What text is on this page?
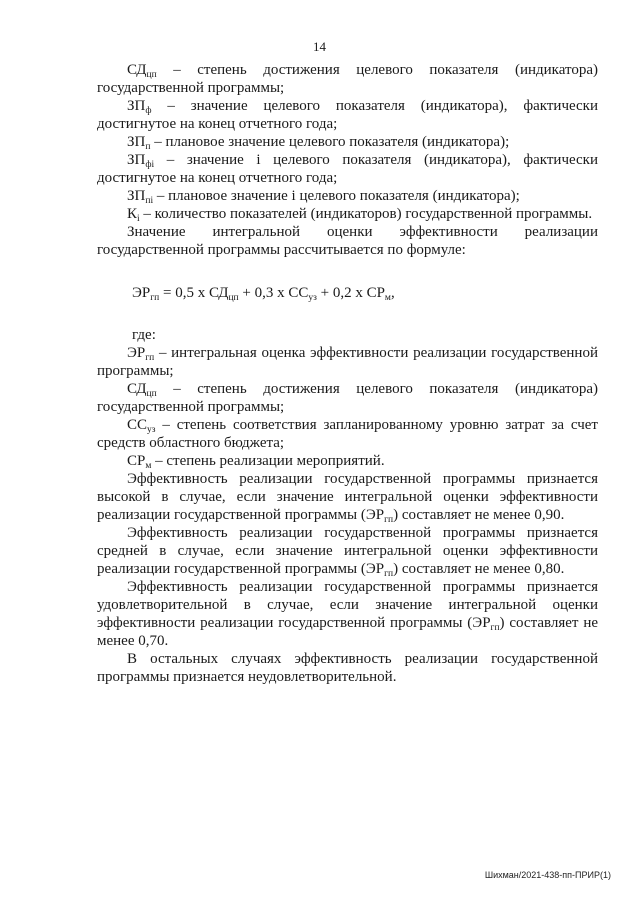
14

$СД_{цп}$ – степень достижения целевого показателя (индикатора) государственной программы;

$ЗП_ф$ – значение целевого показателя (индикатора), фактически достигнутое на конец отчетного года;

$ЗП_п$ – плановое значение целевого показателя (индикатора);

$ЗП_{фi}$ – значение i целевого показателя (индикатора), фактически достигнутое на конец отчетного года;

$ЗП_{пi}$ – плановое значение i целевого показателя (индикатора);

$К_i$ – количество показателей (индикаторов) государственной программы.

Значение интегральной оценки эффективности реализации государственной программы рассчитывается по формуле:

$ЭР_{гп} = 0,5$ х $СД_{цп} + 0,3$ х $СС_{уз} + 0,2$ х $СР_м$,

где:

$ЭР_{гп}$ – интегральная оценка эффективности реализации государственной программы;

$СД_{цп}$ – степень достижения целевого показателя (индикатора) государственной программы;

$СС_{уз}$ – степень соответствия запланированному уровню затрат за счет средств областного бюджета;

$СР_м$ – степень реализации мероприятий.

Эффективность реализации государственной программы признается высокой в случае, если значение интегральной оценки эффективности реализации государственной программы $(ЭР_{гп})$ составляет не менее 0,90.

Эффективность реализации государственной программы признается средней в случае, если значение интегральной оценки эффективности реализации государственной программы $(ЭР_{гп})$ составляет не менее 0,80.

Эффективность реализации государственной программы признается удовлетворительной в случае, если значение интегральной оценки эффективности реализации государственной программы $(ЭР_{гп})$ составляет не менее 0,70.

В остальных случаях эффективность реализации государственной программы признается неудовлетворительной.

Шихман/2021-438-пп-ПРИР(1)
